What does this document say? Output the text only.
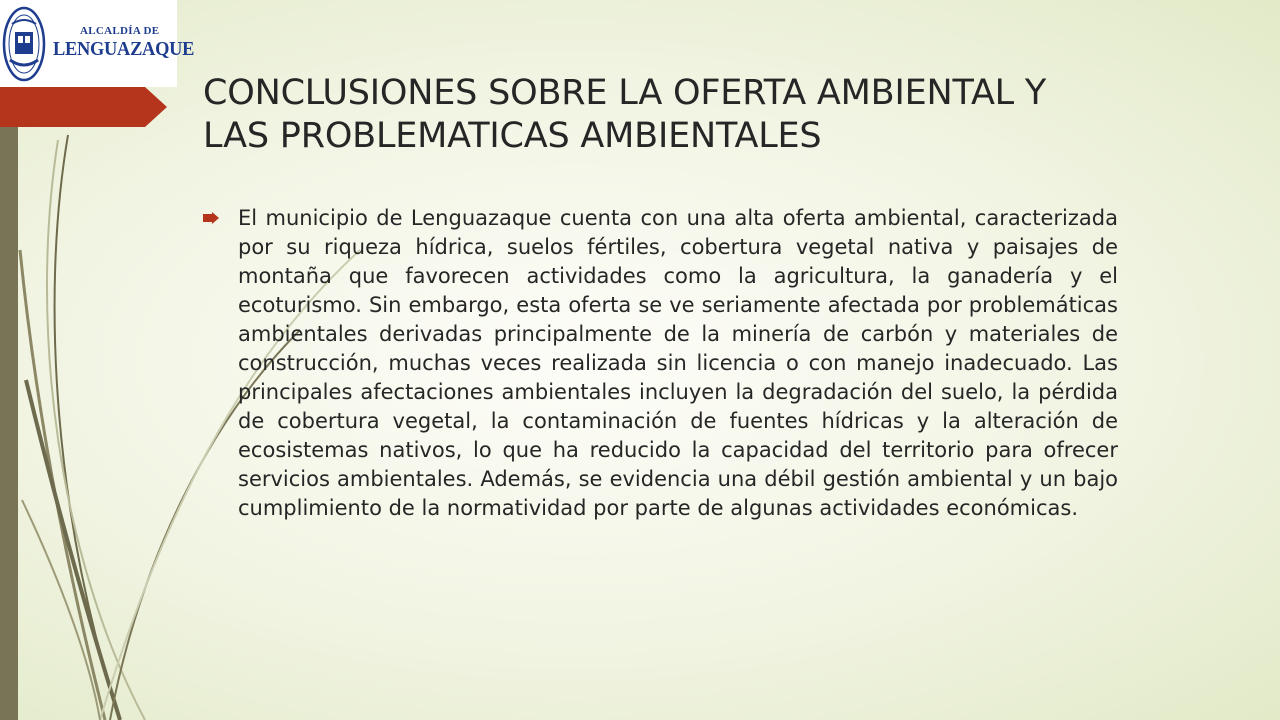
ALCALDÍA DE
LENGUAZAQUE
CONCLUSIONES SOBRE LA OFERTA AMBIENTAL Y
LAS PROBLEMATICAS AMBIENTALES

El municipio de Lenguazaque cuenta con una alta oferta ambiental, caracterizada por su riqueza hídrica, suelos fértiles, cobertura vegetal nativa y paisajes de montaña que favorecen actividades como la agricultura, la ganadería y el ecoturismo. Sin embargo, esta oferta se ve seriamente afectada por problemáticas ambientales derivadas principalmente de la minería de carbón y materiales de construcción, muchas veces realizada sin licencia o con manejo inadecuado. Las principales afectaciones ambientales incluyen la degradación del suelo, la pérdida de cobertura vegetal, la contaminación de fuentes hídricas y la alteración de ecosistemas nativos, lo que ha reducido la capacidad del territorio para ofrecer servicios ambientales. Además, se evidencia una débil gestión ambiental y un bajo cumplimiento de la normatividad por parte de algunas actividades económicas.
